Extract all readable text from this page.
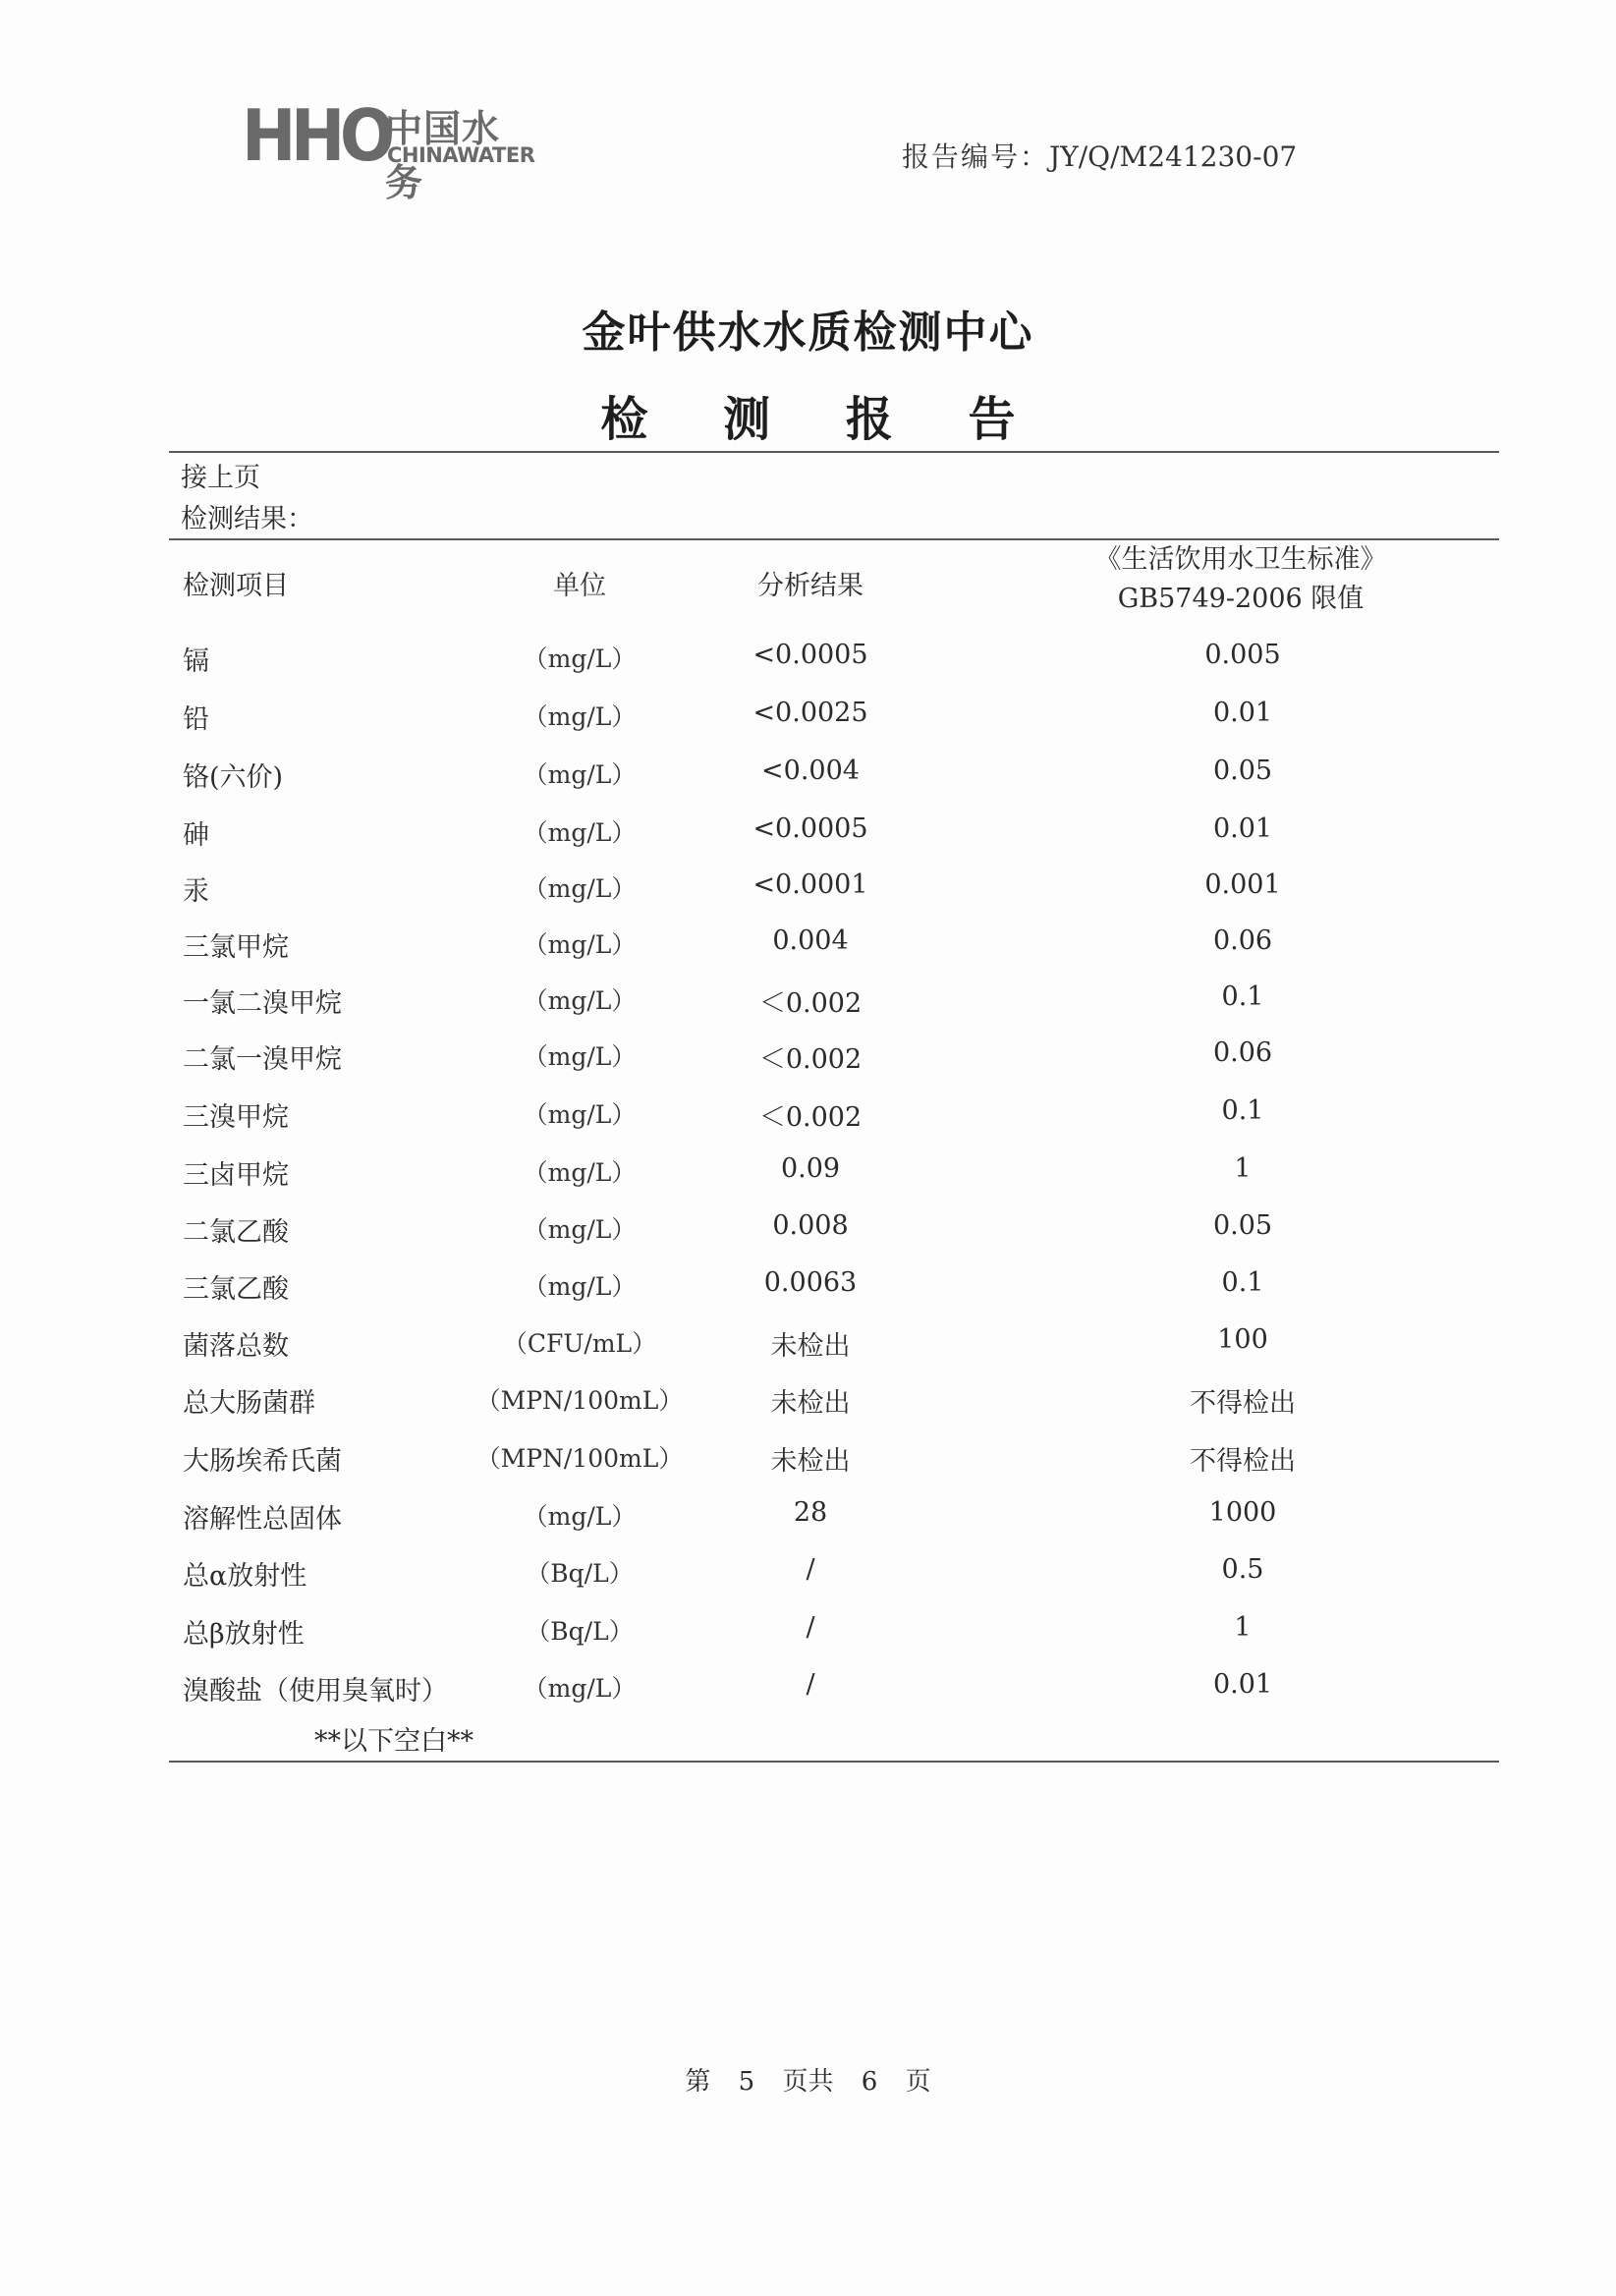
HHO
中国水务
CHINAWATER	报告编号：JY/Q/M241230-07
金叶供水水质检测中心
检 测 报 告
接上页
检测结果：
检测项目	单位	分析结果
《生活饮用水卫生标准》
GB5749-2006 限值
镉	（mg/L）	<0.0005	0.005
铅	（mg/L）	<0.0025	0.01
铬(六价)	（mg/L）	<0.004	0.05
砷	（mg/L）	<0.0005	0.01
汞	（mg/L）	<0.0001	0.001
三氯甲烷	（mg/L）	0.004	0.06
一氯二溴甲烷	（mg/L）	＜0.002	0.1
二氯一溴甲烷	（mg/L）	＜0.002	0.06
三溴甲烷	（mg/L）	＜0.002	0.1
三卤甲烷	（mg/L）	0.09	1
二氯乙酸	（mg/L）	0.008	0.05
三氯乙酸	（mg/L）	0.0063	0.1
菌落总数	（CFU/mL）	未检出	100
总大肠菌群	（MPN/100mL）	未检出	不得检出
大肠埃希氏菌	（MPN/100mL）	未检出	不得检出
溶解性总固体	（mg/L）	28	1000
总α放射性	（Bq/L）	/	0.5
总β放射性	（Bq/L）	/	1
溴酸盐（使用臭氧时）	（mg/L）	/	0.01
**以下空白**
第 5 页共 6 页
